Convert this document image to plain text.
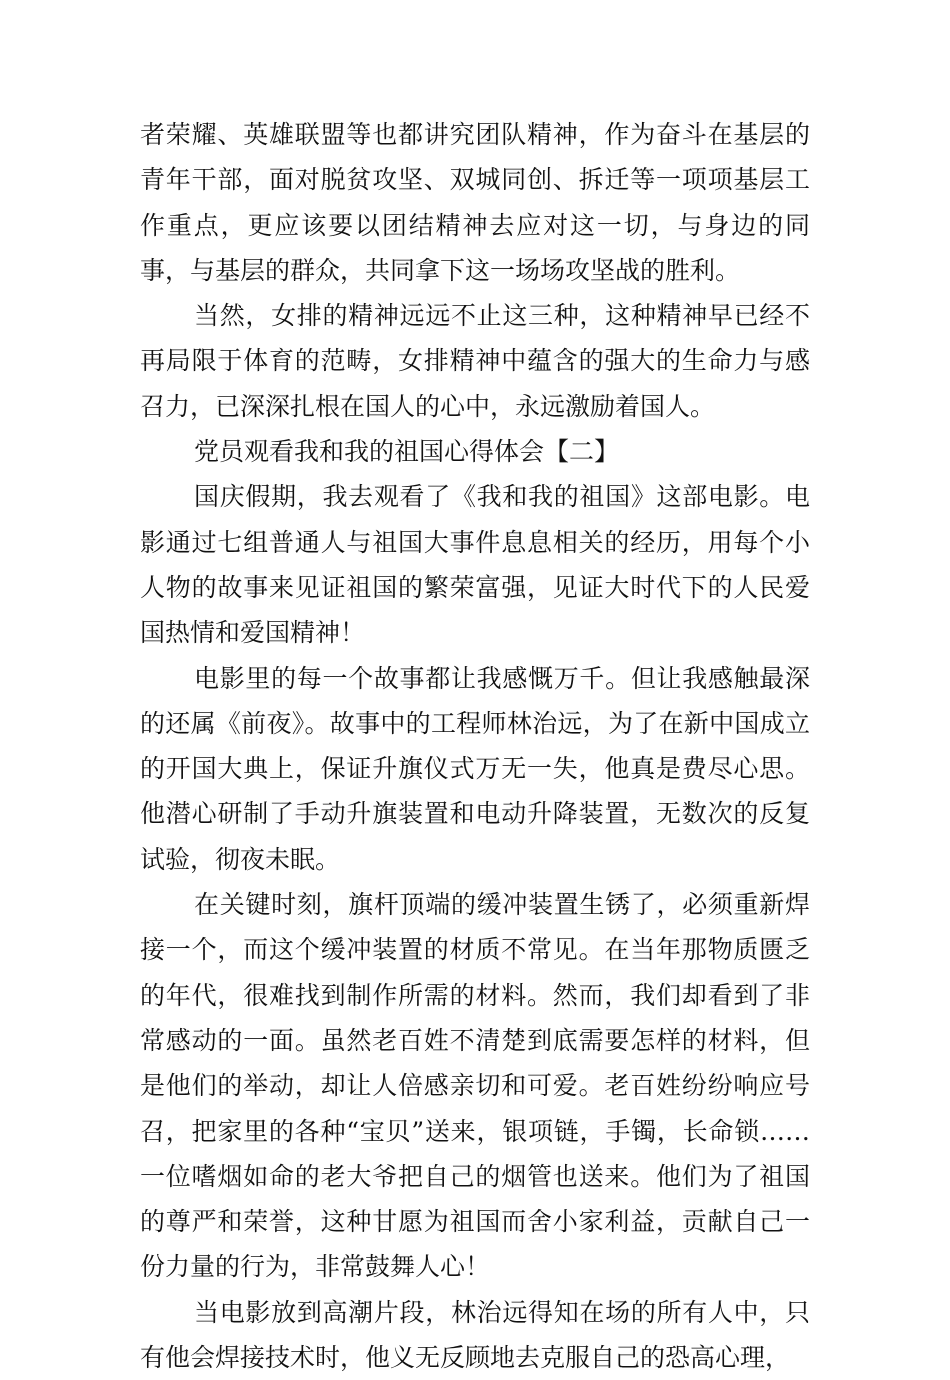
者荣耀、英雄联盟等也都讲究团队精神，作为奋斗在基层的青年干部，面对脱贫攻坚、双城同创、拆迁等一项项基层工作重点，更应该要以团结精神去应对这一切，与身边的同事，与基层的群众，共同拿下这一场场攻坚战的胜利。

当然，女排的精神远远不止这三种，这种精神早已经不再局限于体育的范畴，女排精神中蕴含的强大的生命力与感召力，已深深扎根在国人的心中，永远激励着国人。

党员观看我和我的祖国心得体会【二】

国庆假期，我去观看了《我和我的祖国》这部电影。电影通过七组普通人与祖国大事件息息相关的经历，用每个小人物的故事来见证祖国的繁荣富强，见证大时代下的人民爱国热情和爱国精神！

电影里的每一个故事都让我感慨万千。但让我感触最深的还属《前夜》。故事中的工程师林治远，为了在新中国成立的开国大典上，保证升旗仪式万无一失，他真是费尽心思。他潜心研制了手动升旗装置和电动升降装置，无数次的反复试验，彻夜未眠。

在关键时刻，旗杆顶端的缓冲装置生锈了，必须重新焊接一个，而这个缓冲装置的材质不常见。在当年那物质匮乏的年代，很难找到制作所需的材料。然而，我们却看到了非常感动的一面。虽然老百姓不清楚到底需要怎样的材料，但是他们的举动，却让人倍感亲切和可爱。老百姓纷纷响应号召，把家里的各种“宝贝”送来，银项链，手镯，长命锁……一位嗜烟如命的老大爷把自己的烟管也送来。他们为了祖国的尊严和荣誉，这种甘愿为祖国而舍小家利益，贡献自己一份力量的行为，非常鼓舞人心！

当电影放到高潮片段，林治远得知在场的所有人中，只有他会焊接技术时，他义无反顾地去克服自己的恐高心理，
